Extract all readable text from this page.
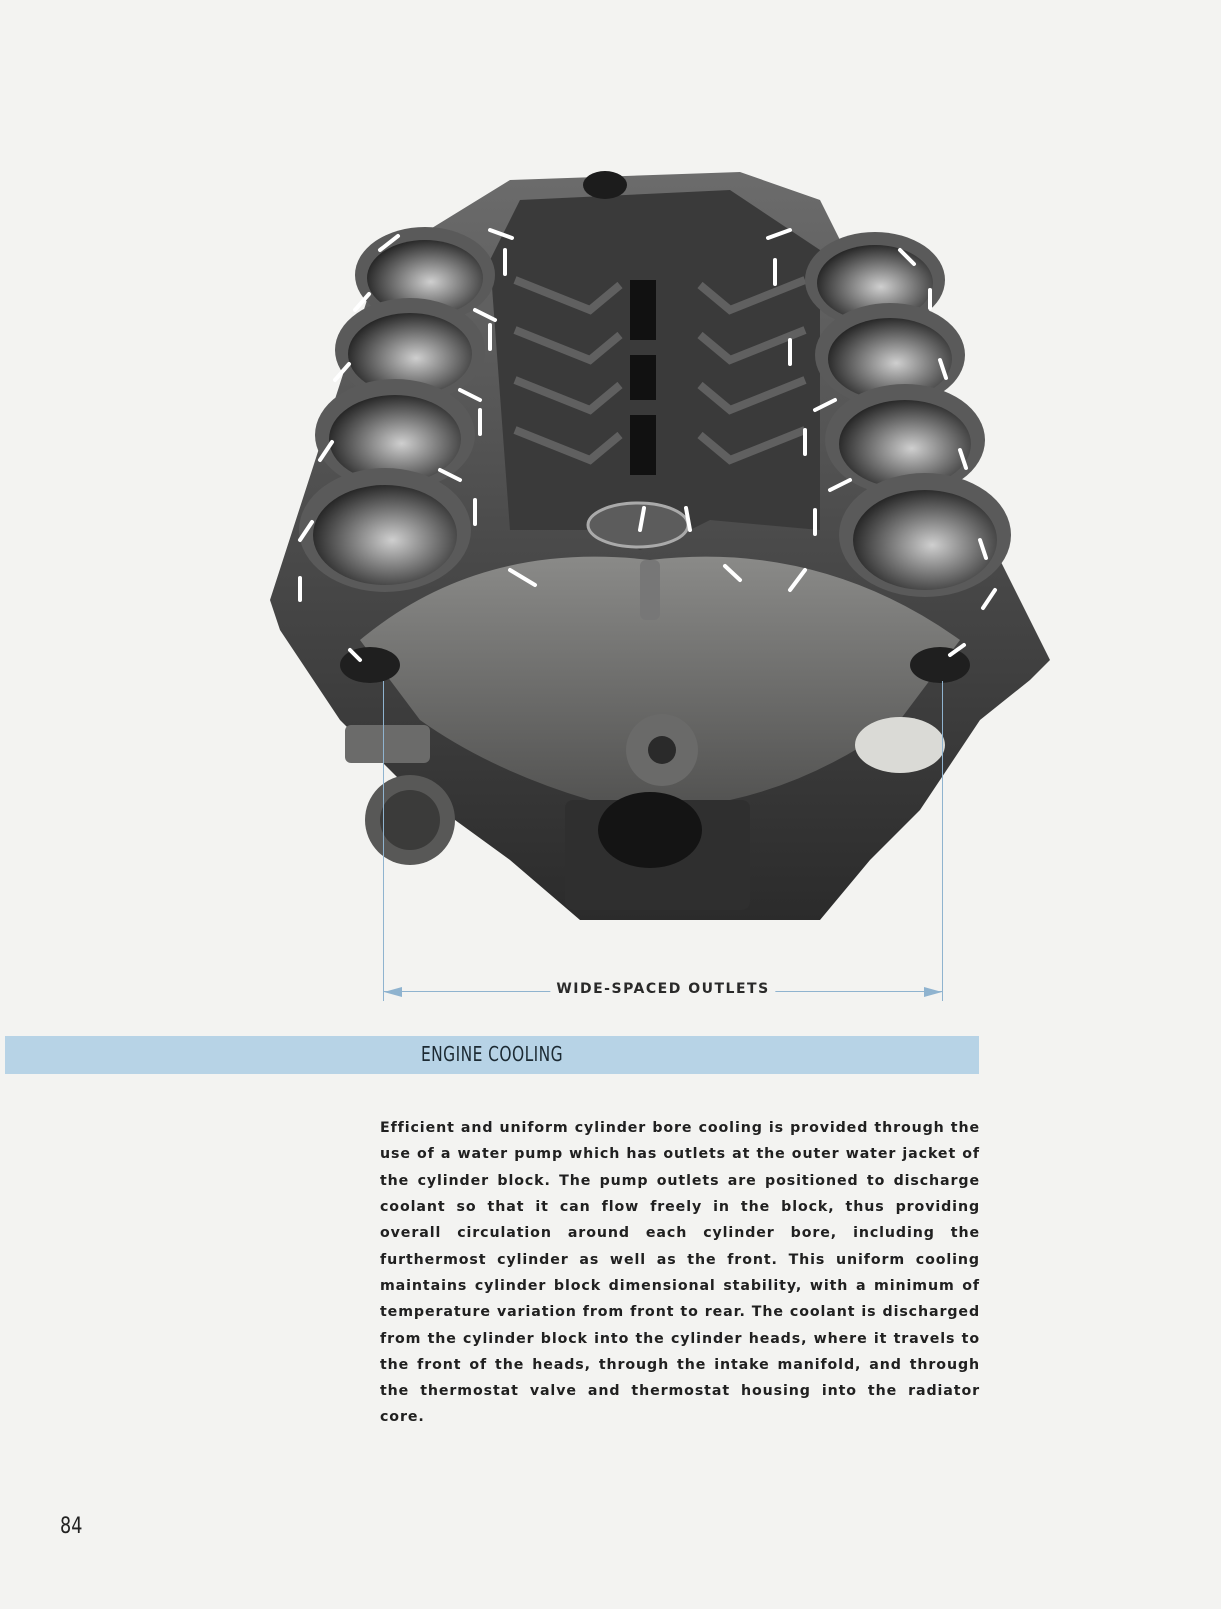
WIDE-SPACED OUTLETS
ENGINE COOLING

Efficient and uniform cylinder bore cooling is provided through the use of a water pump which has outlets at the outer water jacket of the cylinder block. The pump outlets are positioned to discharge coolant so that it can flow freely in the block, thus providing overall circulation around each cylinder bore, including the furthermost cylinder as well as the front. This uniform cooling maintains cylinder block dimensional stability, with a minimum of temperature variation from front to rear. The coolant is discharged from the cylinder block into the cylinder heads, where it travels to the front of the heads, through the intake manifold, and through the thermostat valve and thermostat housing into the radiator core.

84
